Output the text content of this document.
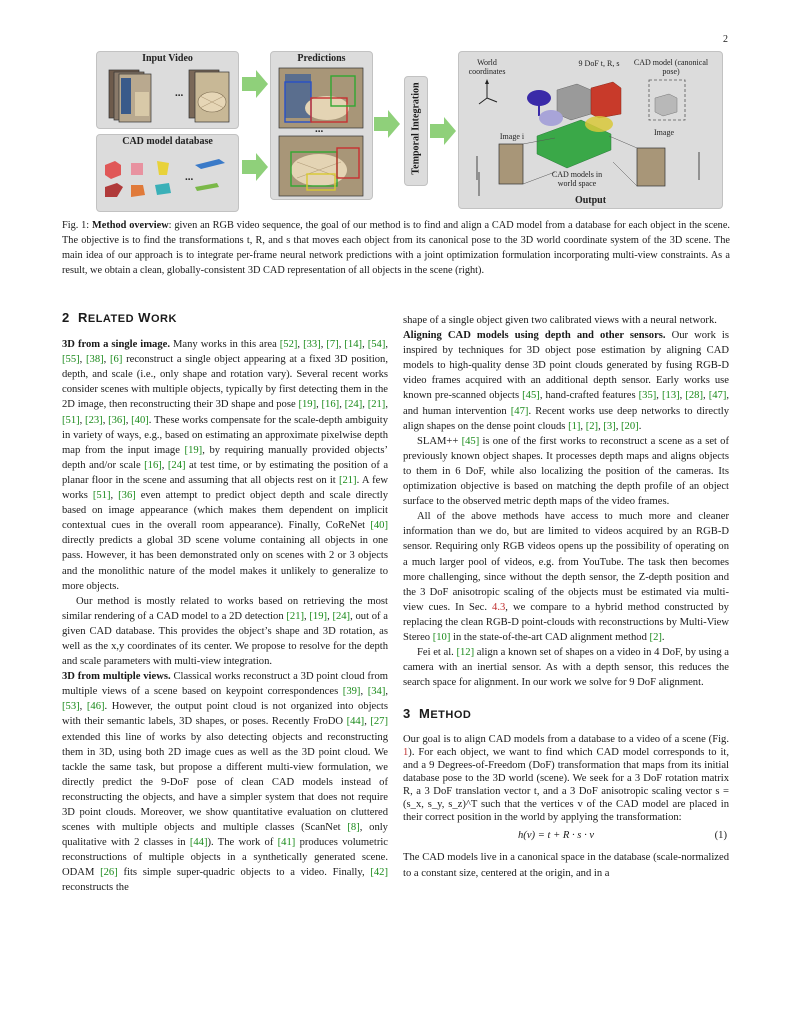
2
Input Video
...
CAD model database
...
Predictions
...	Temporal Integration
World coordinates
9 DoF t, R, s	CAD model (canonical pose)
Image i	Image
CAD models in world space
Output
Fig. 1: Method overview: given an RGB video sequence, the goal of our method is to find and align a CAD model from a database for each object in the scene. The objective is to find the transformations t, R, and s that moves each object from its canonical pose to the 3D world coordinate system of the 3D scene. The main idea of our approach is to integrate per-frame neural network predictions with a joint optimization formulation incorporating multi-view constraints. As a result, we obtain a clean, globally-consistent 3D CAD representation of all objects in the scene (right).
2 RELATED WORK

3D from a single image. Many works in this area [52], [33], [7], [14], [54], [55], [38], [6] reconstruct a single object appearing at a fixed 3D position, depth, and scale (i.e., only shape and rotation vary). Several recent works consider scenes with multiple objects, typically by first detecting them in the 2D image, then reconstructing their 3D shape and pose [19], [16], [24], [21], [51], [23], [36], [40]. These works compensate for the scale-depth ambiguity in variety of ways, e.g., based on estimating an approximate pixelwise depth map from the input image [19], by requiring manually provided objects’ depth and/or scale [16], [24] at test time, or by estimating the position of a planar floor in the scene and assuming that all objects rest on it [21]. A few works [51], [36] even attempt to predict object depth and scale directly based on image appearance (which makes them dependent on implicit contextual cues in the overall room appearance). Finally, CoReNet [40] directly predicts a global 3D scene volume containing all objects in one pass. However, it has been demonstrated only on scenes with 2 or 3 objects and the monolithic nature of the model makes it unlikely to generalize to more objects.

Our method is mostly related to works based on retrieving the most similar rendering of a CAD model to a 2D detection [21], [19], [24], out of a given CAD database. This provides the object’s shape and 3D rotation, as well as the x,y coordinates of its center. We propose to resolve for the depth and scale parameters with multi-view integration.

3D from multiple views. Classical works reconstruct a 3D point cloud from multiple views of a scene based on keypoint correspondences [39], [34], [53], [46]. However, the output point cloud is not organized into objects with their semantic labels, 3D shapes, or poses. Recently FroDO [44], [27] extended this line of works by also detecting objects and reconstructing them in 3D, using both 2D image cues as well as the 3D point cloud. We tackle the same task, but propose a different multi-view formulation, we directly predict the 9-DoF pose of clean CAD models instead of reconstructing the objects, and have a simpler system that does not require 3D point clouds. Moreover, we show quantitative evaluation on cluttered scenes with multiple objects and multiple classes (ScanNet [8], only qualitative with 2 classes in [44]). The work of [41] produces volumetric reconstructions of multiple objects in a synthetically generated scene. ODAM [26] fits simple super-quadric objects to a video. Finally, [42] reconstructs the

shape of a single object given two calibrated views with a neural network.

Aligning CAD models using depth and other sensors. Our work is inspired by techniques for 3D object pose estimation by aligning CAD models to high-quality dense 3D point clouds generated by fusing RGB-D video frames acquired with an additional depth sensor. Early works use known pre-scanned objects [45], hand-crafted features [35], [13], [28], [47], and human intervention [47]. Recent works use deep networks to directly align shapes on the dense point clouds [1], [2], [3], [20].

SLAM++ [45] is one of the first works to reconstruct a scene as a set of previously known object shapes. It processes depth maps and aligns objects to them in 6 DoF, while also localizing the position of the cameras. Its optimization objective is based on matching the depth profile of an object surface to the observed metric depth maps of the video frames.

All of the above methods have access to much more and cleaner information than we do, but are limited to videos acquired by an RGB-D sensor. Requiring only RGB videos opens up the possibility of operating on a much larger pool of videos, e.g. from YouTube. The task then becomes more challenging, since without the depth sensor, the Z-depth position and the 3 DoF anisotropic scaling of the objects must be estimated via multi-view cues. In Sec. 4.3, we compare to a hybrid method constructed by replacing the clean RGB-D point-clouds with reconstructions by Multi-View Stereo [10] in the state-of-the-art CAD alignment method [2].

Fei et al. [12] align a known set of shapes on a video in 4 DoF, by using a camera with an inertial sensor. As with a depth sensor, this reduces the search space for alignment. In our work we solve for 9 DoF alignment.

3 METHOD

Our goal is to align CAD models from a database to a video of a scene (Fig. 1). For each object, we want to find which CAD model corresponds to it, and a 9 Degrees-of-Freedom (DoF) transformation that maps from its initial database pose to the 3D world (scene). We seek for a 3 DoF rotation matrix R, a 3 DoF translation vector t, and a 3 DoF anisotropic scaling vector s = (s_x, s_y, s_z)^T such that the vertices v of the CAD model are placed in their correct position in the world by applying the transformation:

h(v) = t + R · s · v	(1)

The CAD models live in a canonical space in the database (scale-normalized to a constant size, centered at the origin, and in a
